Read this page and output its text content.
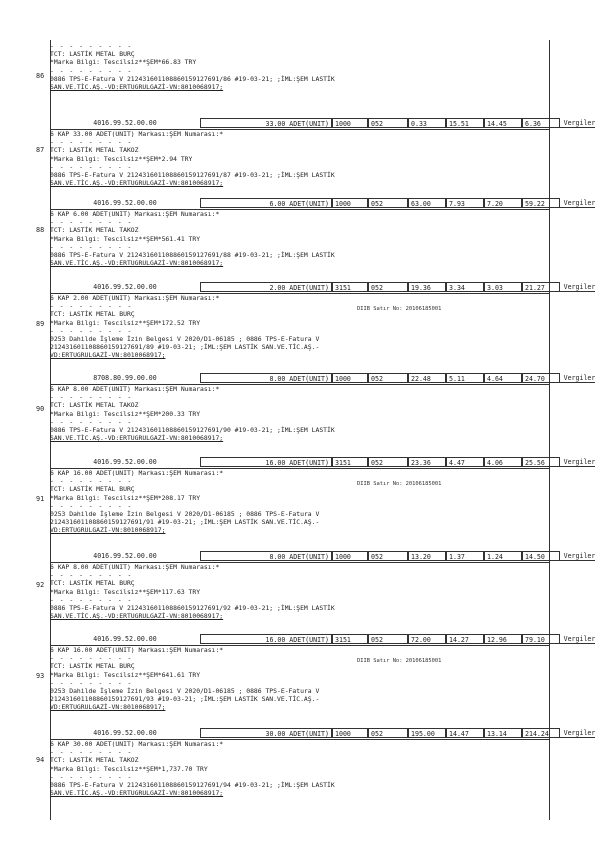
86
- - - - - - - - -
TCT: LASTİK METAL BURÇ
*Marka Bilgi: Tescilsiz**ŞEM*66.83 TRY
- - - - - - - - -
0886 TPS-E-Fatura V 212431601108860159127691/86 #19-03-21; ;İML:ŞEM LASTİK
SAN.VE.TİC.AŞ.-VD:ERTUGRULGAZİ-VN:8010068917;
87
4016.99.52.00.00	33.00 ADET(UNIT) 1000	052	0.33	15.51	14.45	6.36	Vergiler
6 KAP 33.00 ADET(UNIT) Markası:ŞEM Numarası:*
- - - - - - - - -
TCT: LASTİK METAL TAKOZ
*Marka Bilgi: Tescilsiz**ŞEM*2.94 TRY
- - - - - - - - -
0886 TPS-E-Fatura V 212431601108860159127691/87 #19-03-21; ;İML:ŞEM LASTİK
SAN.VE.TİC.AŞ.-VD:ERTUGRULGAZİ-VN:8010068917;
88
4016.99.52.00.00	6.00 ADET(UNIT) 1000	052	63.00	7.93	7.20	59.22	Vergiler
6 KAP 6.00 ADET(UNIT) Markası:ŞEM Numarası:*
- - - - - - - - -
TCT: LASTİK METAL TAKOZ
*Marka Bilgi: Tescilsiz**ŞEM*561.41 TRY
- - - - - - - - -
0886 TPS-E-Fatura V 212431601108860159127691/88 #19-03-21; ;İML:ŞEM LASTİK
SAN.VE.TİC.AŞ.-VD:ERTUGRULGAZİ-VN:8010068917;
89
4016.99.52.00.00	2.00 ADET(UNIT) 3151	052	19.36	3.34	3.03	21.27	Vergiler
6 KAP 2.00 ADET(UNIT) Markası:ŞEM Numarası:*
- - - - - - - - -
TCT: LASTİK METAL BURÇ
*Marka Bilgi: Tescilsiz**ŞEM*172.52 TRY
- - - - - - - - -
0253 Dahilde İşleme İzin Belgesi V 2020/D1-06185 ; 0886 TPS-E-Fatura V
212431601108860159127691/89 #19-03-21; ;İML:ŞEM LASTİK SAN.VE.TİC.AŞ.-
VD:ERTUGRULGAZİ-VN:8010068917;
DIIB Satır No: 20106185001
90
8708.80.99.00.00	8.00 ADET(UNIT) 1000	052	22.48	5.11	4.64	24.70	Vergiler
6 KAP 8.00 ADET(UNIT) Markası:ŞEM Numarası:*
- - - - - - - - -
TCT: LASTİK METAL TAKOZ
*Marka Bilgi: Tescilsiz**ŞEM*200.33 TRY
- - - - - - - - -
0886 TPS-E-Fatura V 212431601108860159127691/90 #19-03-21; ;İML:ŞEM LASTİK
SAN.VE.TİC.AŞ.-VD:ERTUGRULGAZİ-VN:8010068917;
91
4016.99.52.00.00	16.00 ADET(UNIT) 3151	052	23.36	4.47	4.06	25.56	Vergiler
6 KAP 16.00 ADET(UNIT) Markası:ŞEM Numarası:*
- - - - - - - - -
TCT: LASTİK METAL BURÇ
*Marka Bilgi: Tescilsiz**ŞEM*208.17 TRY
- - - - - - - - -
0253 Dahilde İşleme İzin Belgesi V 2020/D1-06185 ; 0886 TPS-E-Fatura V
212431601108860159127691/91 #19-03-21; ;İML:ŞEM LASTİK SAN.VE.TİC.AŞ.-
VD:ERTUGRULGAZİ-VN:8010068917;
DIIB Satır No: 20106185001
92
4016.99.52.00.00	8.00 ADET(UNIT) 1000	052	13.20	1.37	1.24	14.50	Vergiler
6 KAP 8.00 ADET(UNIT) Markası:ŞEM Numarası:*
- - - - - - - - -
TCT: LASTİK METAL BURÇ
*Marka Bilgi: Tescilsiz**ŞEM*117.63 TRY
- - - - - - - - -
0886 TPS-E-Fatura V 212431601108860159127691/92 #19-03-21; ;İML:ŞEM LASTİK
SAN.VE.TİC.AŞ.-VD:ERTUGRULGAZİ-VN:8010068917;
93
4016.99.52.00.00	16.00 ADET(UNIT) 3151	052	72.00	14.27	12.96	79.10	Vergiler
6 KAP 16.00 ADET(UNIT) Markası:ŞEM Numarası:*
- - - - - - - - -
TCT: LASTİK METAL BURÇ
*Marka Bilgi: Tescilsiz**ŞEM*641.61 TRY
- - - - - - - - -
0253 Dahilde İşleme İzin Belgesi V 2020/D1-06185 ; 0886 TPS-E-Fatura V
212431601108860159127691/93 #19-03-21; ;İML:ŞEM LASTİK SAN.VE.TİC.AŞ.-
VD:ERTUGRULGAZİ-VN:8010068917;
DIIB Satır No: 20106185001
94
4016.99.52.00.00	30.00 ADET(UNIT) 1000	052	195.00	14.47	13.14	214.24	Vergiler
6 KAP 30.00 ADET(UNIT) Markası:ŞEM Numarası:*
- - - - - - - - -
TCT: LASTİK METAL TAKOZ
*Marka Bilgi: Tescilsiz**ŞEM*1,737.70 TRY
- - - - - - - - -
0886 TPS-E-Fatura V 212431601108860159127691/94 #19-03-21; ;İML:ŞEM LASTİK
SAN.VE.TİC.AŞ.-VD:ERTUGRULGAZİ-VN:8010068917;
